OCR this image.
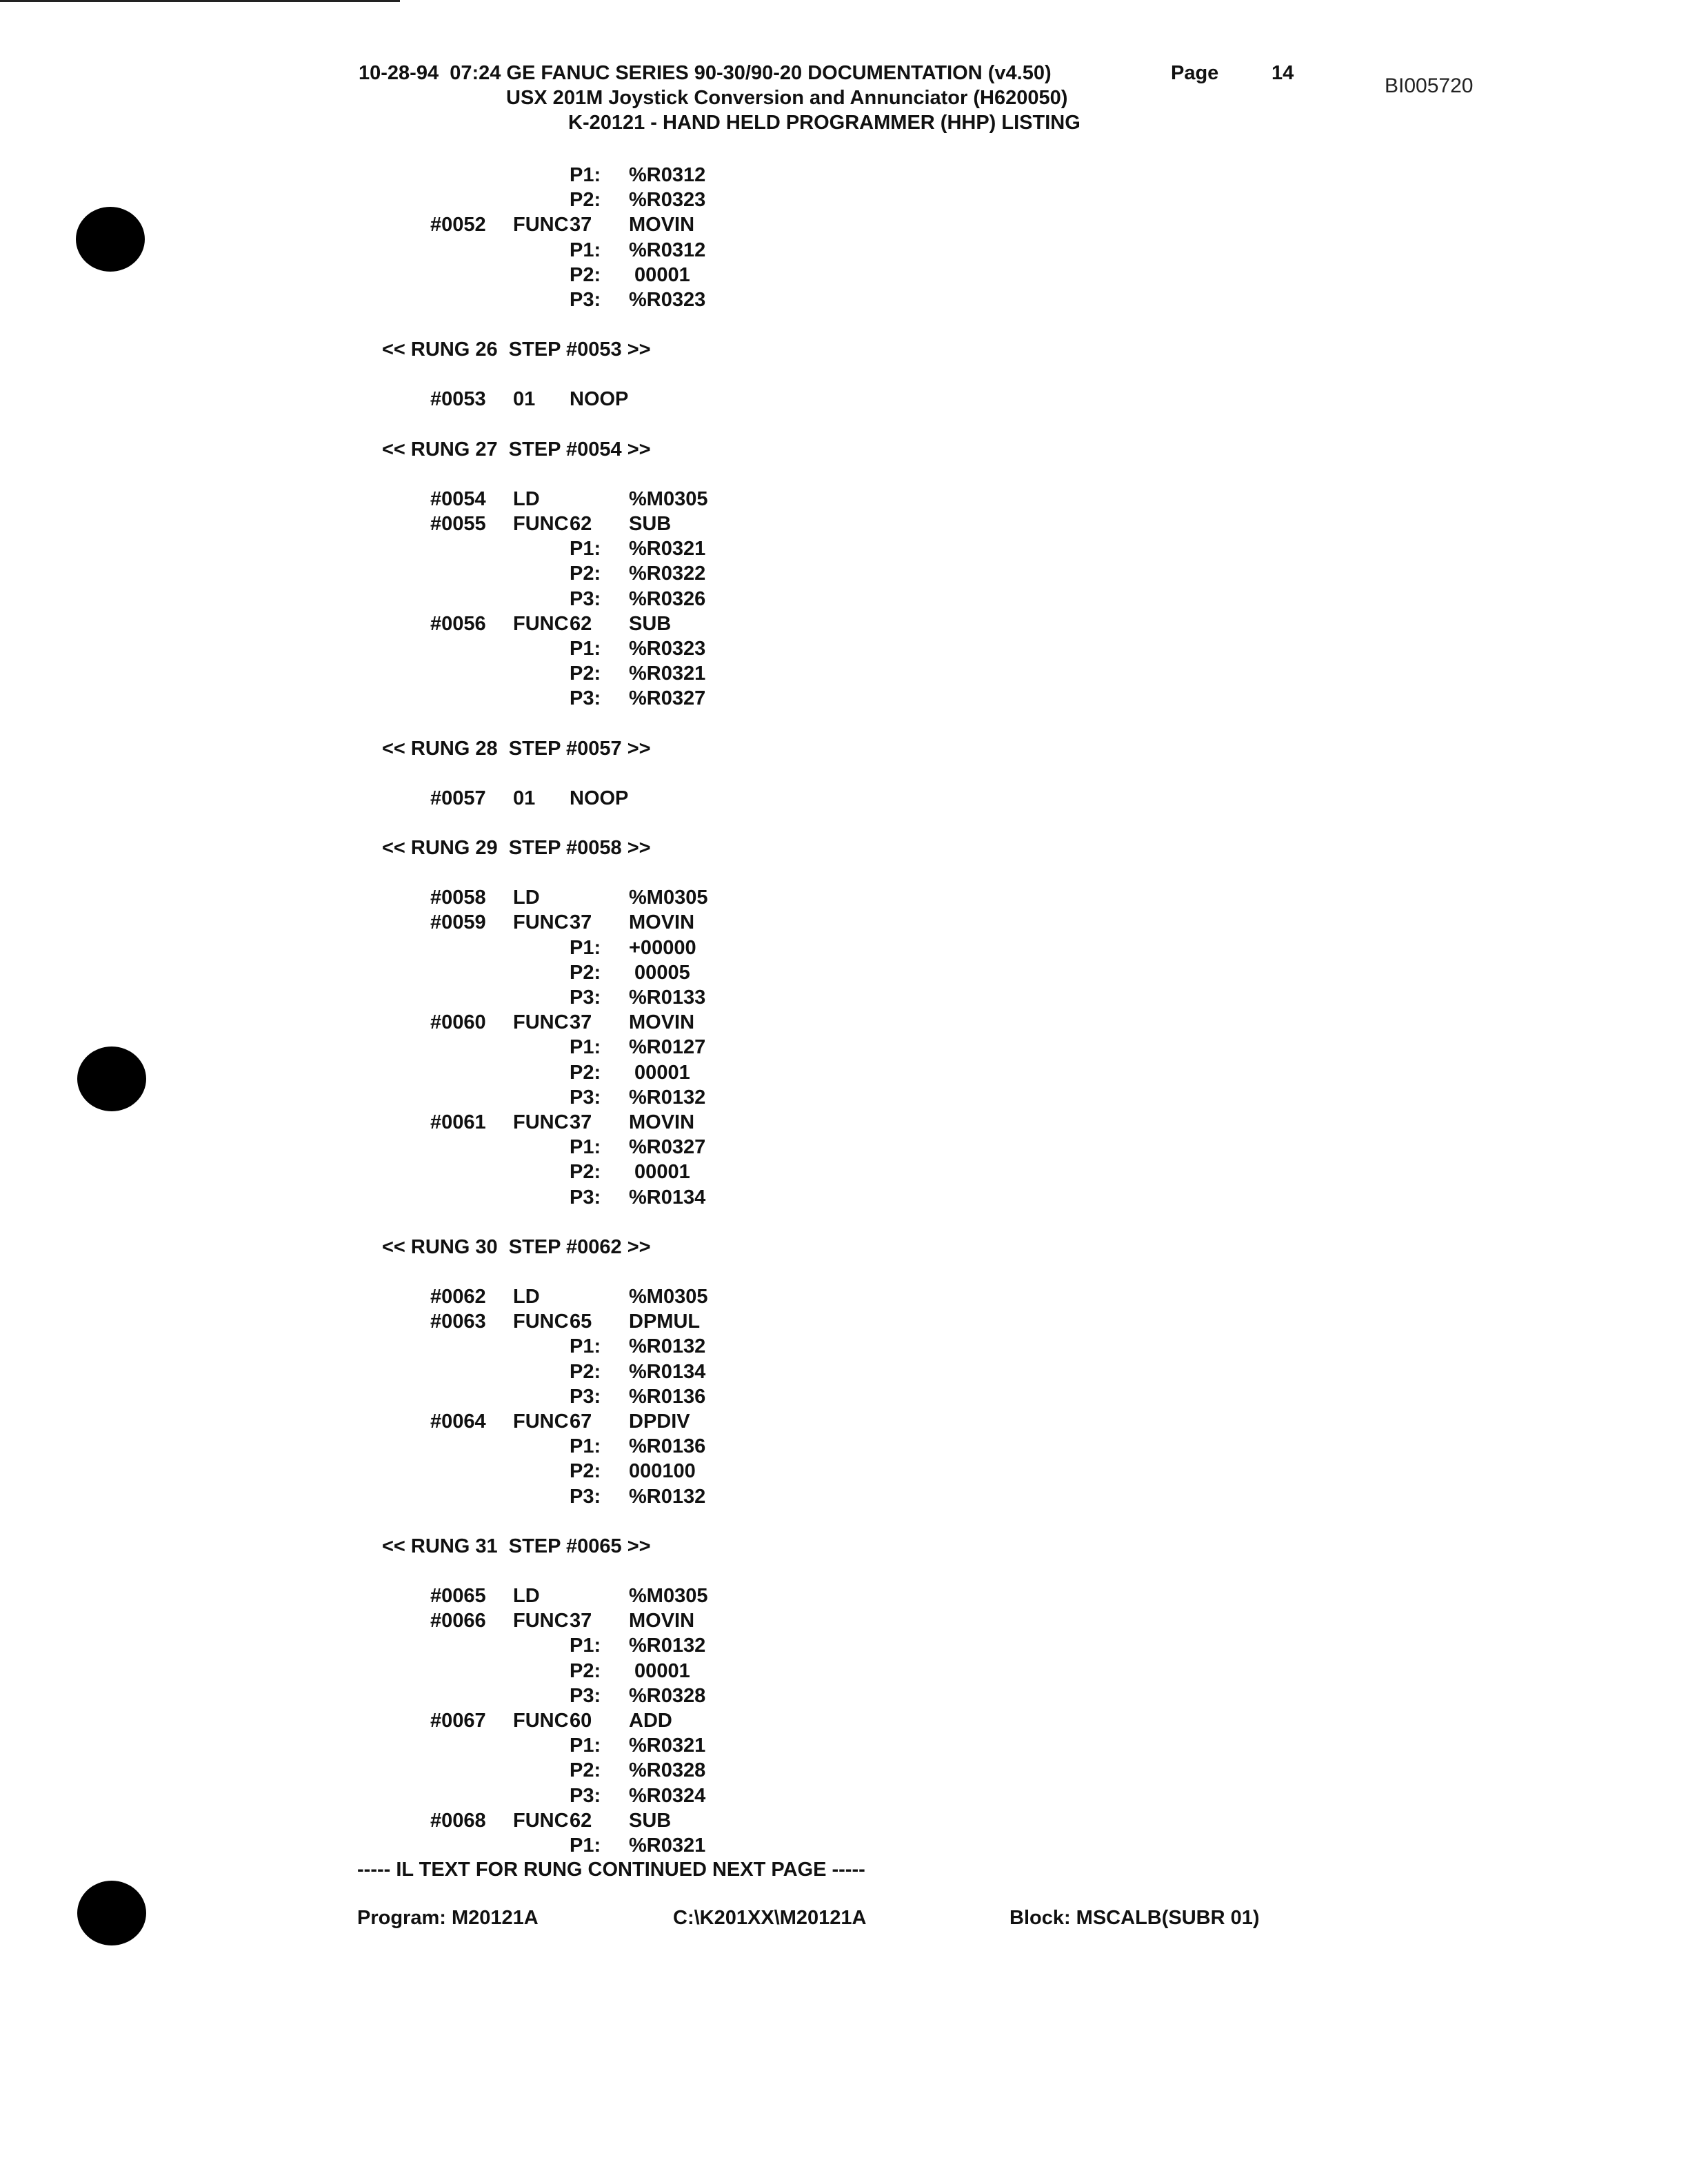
10-28-94  07:24 GE FANUC SERIES 90-30/90-20 DOCUMENTATION (v4.50)	Page	14
USX 201M Joystick Conversion and Annunciator (H620050)
K-20121 - HAND HELD PROGRAMMER (HHP) LISTING
BI005720
P1: %R0312
P2: %R0323
#0052 FUNC 37 MOVIN
P1: %R0312
P2: 00001
P3: %R0323
<< RUNG 26  STEP #0053 >>
#0053 01 NOOP
<< RUNG 27  STEP #0054 >>
#0054 LD	%M0305
#0055 FUNC 62 SUB
P1: %R0321
P2: %R0322
P3: %R0326
#0056 FUNC 62 SUB
P1: %R0323
P2: %R0321
P3: %R0327
<< RUNG 28  STEP #0057 >>
#0057 01 NOOP
<< RUNG 29  STEP #0058 >>
#0058 LD	%M0305
#0059 FUNC 37 MOVIN
P1: +00000
P2: 00005
P3: %R0133
#0060 FUNC 37 MOVIN
P1: %R0127
P2: 00001
P3: %R0132
#0061 FUNC 37 MOVIN
P1: %R0327
P2: 00001
P3: %R0134
<< RUNG 30  STEP #0062 >>
#0062 LD	%M0305
#0063 FUNC 65 DPMUL
P1: %R0132
P2: %R0134
P3: %R0136
#0064 FUNC 67 DPDIV
P1: %R0136
P2: 000100
P3: %R0132
<< RUNG 31  STEP #0065 >>
#0065 LD	%M0305
#0066 FUNC 37 MOVIN
P1: %R0132
P2: 00001
P3: %R0328
#0067 FUNC 60 ADD
P1: %R0321
P2: %R0328
P3: %R0324
#0068 FUNC 62 SUB
P1: %R0321
----- IL TEXT FOR RUNG CONTINUED NEXT PAGE -----
Program: M20121A	C:\K201XX\M20121A	Block: MSCALB(SUBR 01)
